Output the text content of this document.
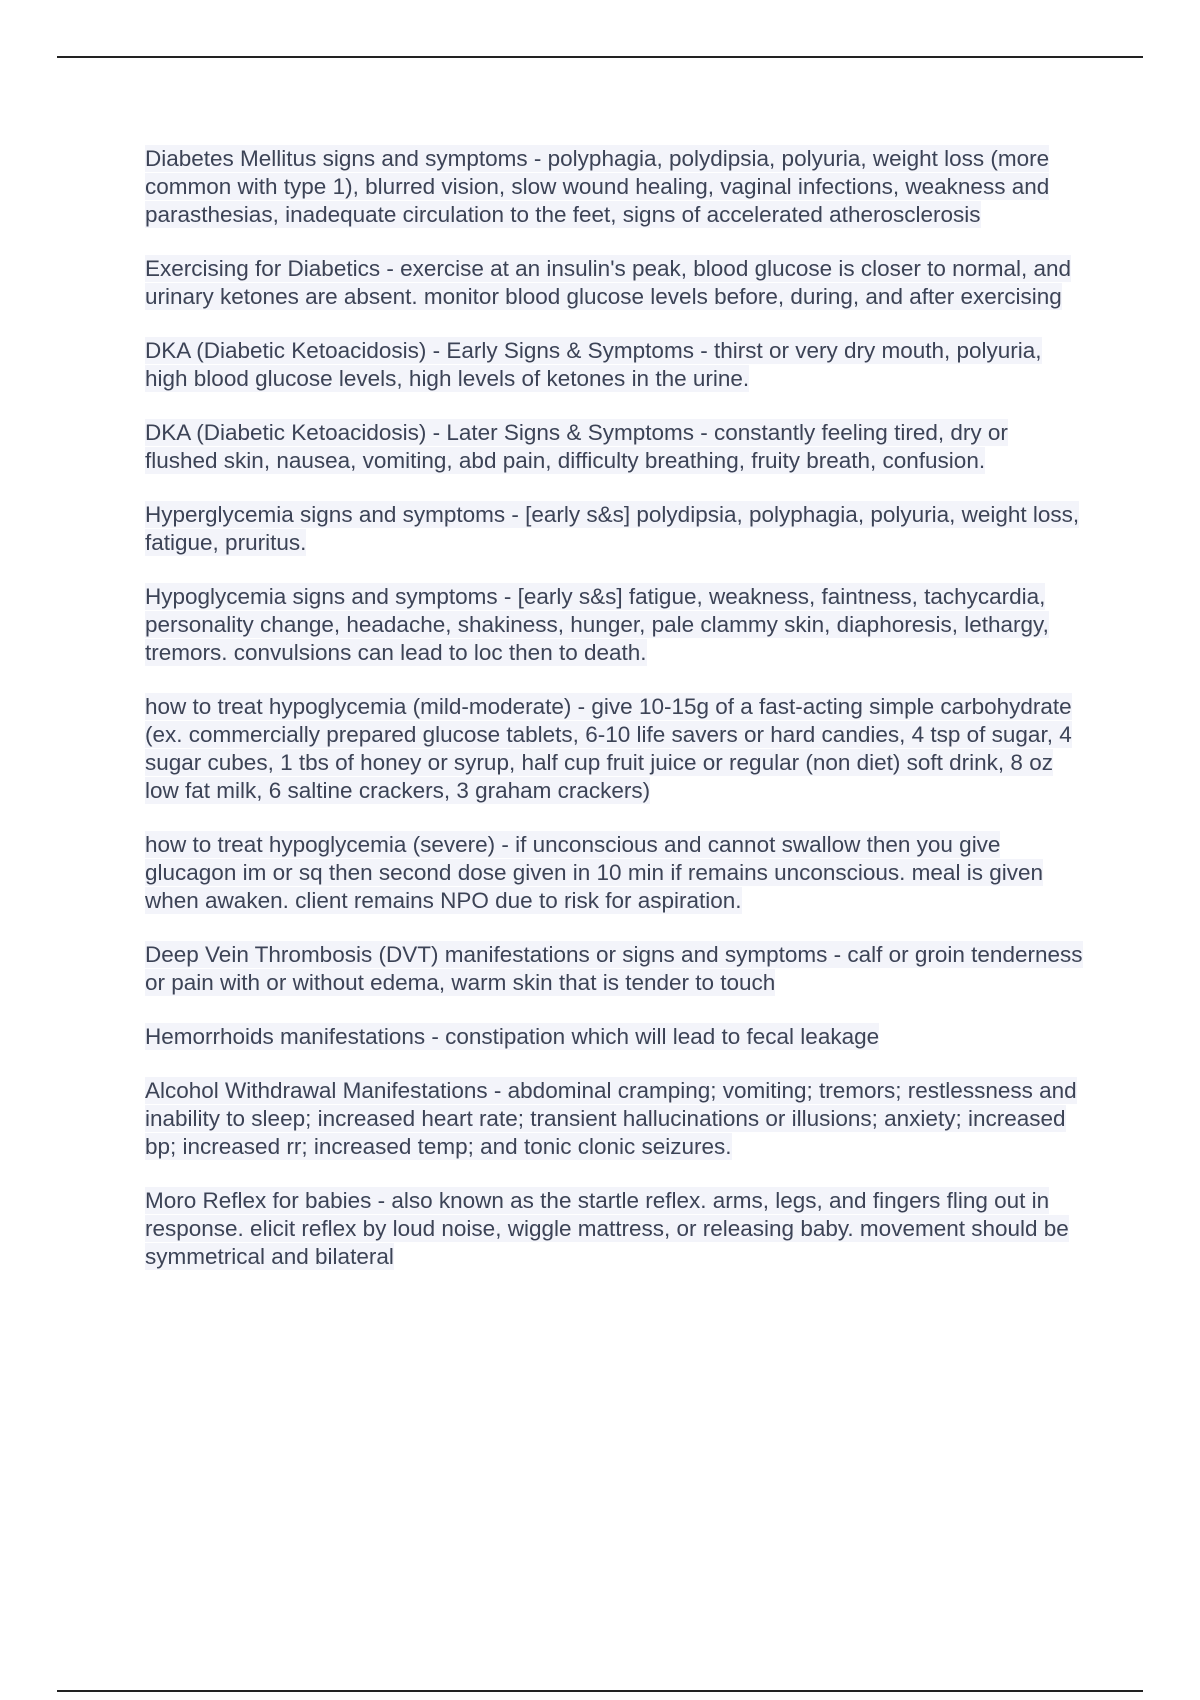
Diabetes Mellitus signs and symptoms - polyphagia, polydipsia, polyuria, weight loss (more common with type 1), blurred vision, slow wound healing, vaginal infections, weakness and parasthesias, inadequate circulation to the feet, signs of accelerated atherosclerosis

Exercising for Diabetics - exercise at an insulin's peak, blood glucose is closer to normal, and urinary ketones are absent. monitor blood glucose levels before, during, and after exercising

DKA (Diabetic Ketoacidosis) - Early Signs & Symptoms - thirst or very dry mouth, polyuria, high blood glucose levels, high levels of ketones in the urine.

DKA (Diabetic Ketoacidosis) - Later Signs & Symptoms - constantly feeling tired, dry or flushed skin, nausea, vomiting, abd pain, difficulty breathing, fruity breath, confusion.

Hyperglycemia signs and symptoms - [early s&s] polydipsia, polyphagia, polyuria, weight loss, fatigue, pruritus.

Hypoglycemia signs and symptoms - [early s&s] fatigue, weakness, faintness, tachycardia, personality change, headache, shakiness, hunger, pale clammy skin, diaphoresis, lethargy, tremors. convulsions can lead to loc then to death.

how to treat hypoglycemia (mild-moderate) - give 10-15g of a fast-acting simple carbohydrate (ex. commercially prepared glucose tablets, 6-10 life savers or hard candies, 4 tsp of sugar, 4 sugar cubes, 1 tbs of honey or syrup, half cup fruit juice or regular (non diet) soft drink, 8 oz low fat milk, 6 saltine crackers, 3 graham crackers)

how to treat hypoglycemia (severe) - if unconscious and cannot swallow then you give glucagon im or sq then second dose given in 10 min if remains unconscious. meal is given when awaken. client remains NPO due to risk for aspiration.

Deep Vein Thrombosis (DVT) manifestations or signs and symptoms - calf or groin tenderness or pain with or without edema, warm skin that is tender to touch

Hemorrhoids manifestations - constipation which will lead to fecal leakage

Alcohol Withdrawal Manifestations - abdominal cramping; vomiting; tremors; restlessness and inability to sleep; increased heart rate; transient hallucinations or illusions; anxiety; increased bp; increased rr; increased temp; and tonic clonic seizures.

Moro Reflex for babies - also known as the startle reflex. arms, legs, and fingers fling out in response. elicit reflex by loud noise, wiggle mattress, or releasing baby. movement should be symmetrical and bilateral
